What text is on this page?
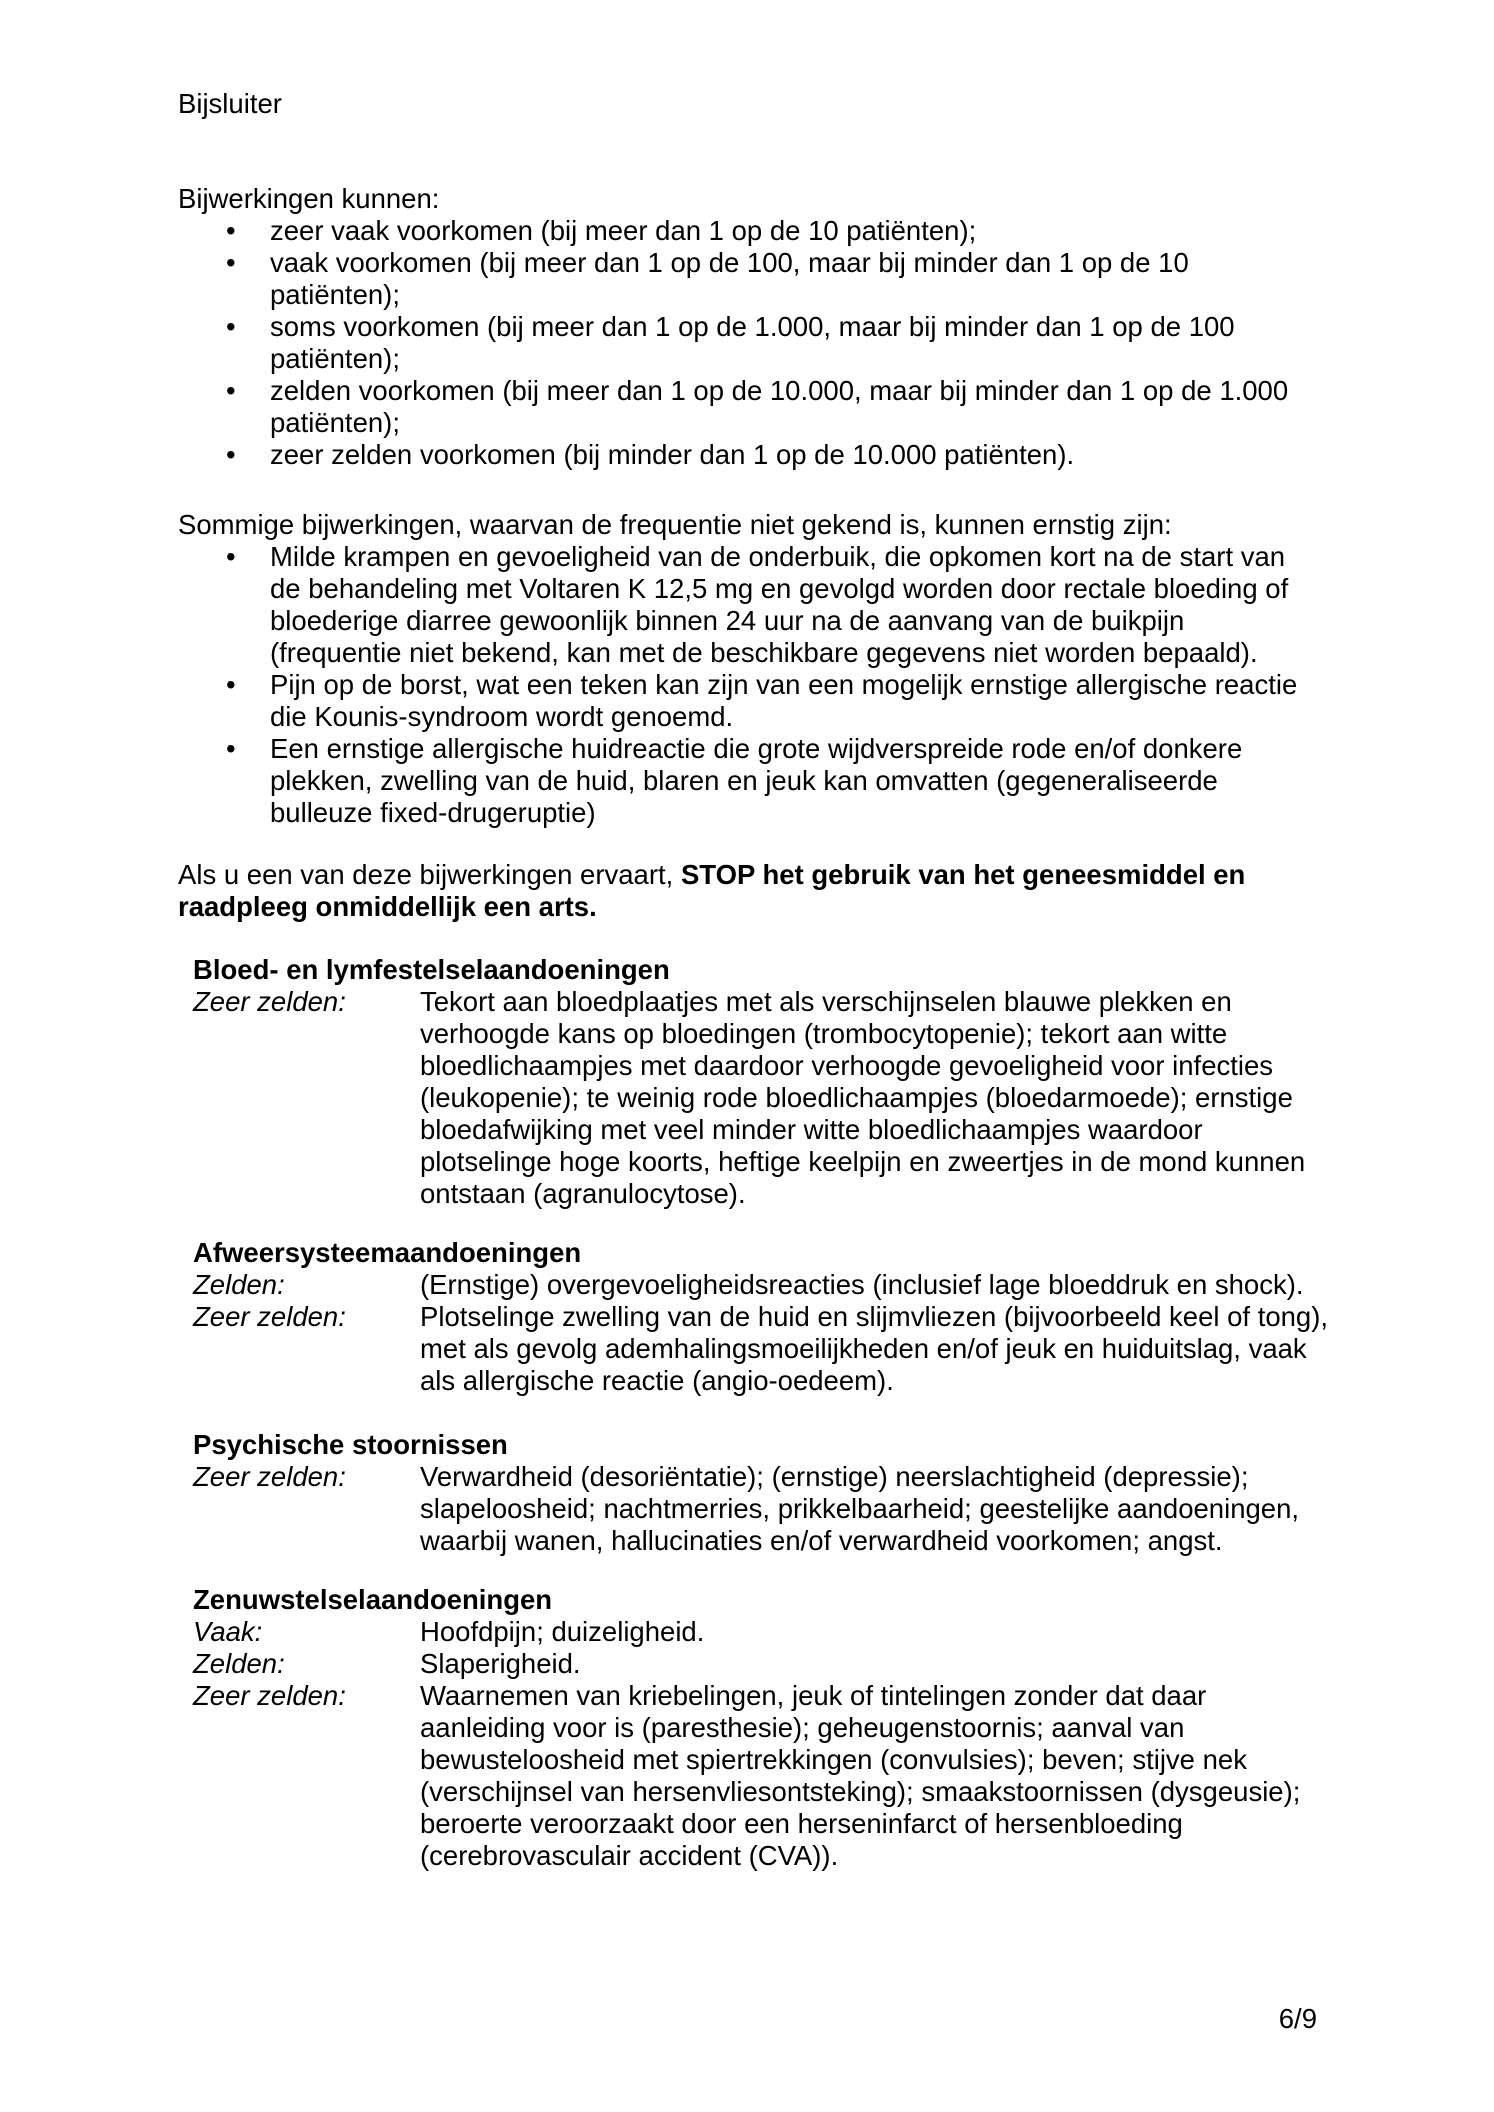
Bijsluiter

Bijwerkingen kunnen:

• zeer vaak voorkomen (bij meer dan 1 op de 10 patiënten);
• vaak voorkomen (bij meer dan 1 op de 100, maar bij minder dan 1 op de 10 patiënten);
• soms voorkomen (bij meer dan 1 op de 1.000, maar bij minder dan 1 op de 100 patiënten);
• zelden voorkomen (bij meer dan 1 op de 10.000, maar bij minder dan 1 op de 1.000 patiënten);
• zeer zelden voorkomen (bij minder dan 1 op de 10.000 patiënten).

Sommige bijwerkingen, waarvan de frequentie niet gekend is, kunnen ernstig zijn:

• Milde krampen en gevoeligheid van de onderbuik, die opkomen kort na de start van de behandeling met Voltaren K 12,5 mg en gevolgd worden door rectale bloeding of bloederige diarree gewoonlijk binnen 24 uur na de aanvang van de buikpijn (frequentie niet bekend, kan met de beschikbare gegevens niet worden bepaald).
• Pijn op de borst, wat een teken kan zijn van een mogelijk ernstige allergische reactie die Kounis-syndroom wordt genoemd.
• Een ernstige allergische huidreactie die grote wijdverspreide rode en/of donkere plekken, zwelling van de huid, blaren en jeuk kan omvatten (gegeneraliseerde bulleuze fixed-drugeruptie)

Als u een van deze bijwerkingen ervaart, STOP het gebruik van het geneesmiddel en raadpleeg onmiddellijk een arts.

Bloed- en lymfestelselaandoeningen
Zeer zelden:	Tekort aan bloedplaatjes met als verschijnselen blauwe plekken en verhoogde kans op bloedingen (trombocytopenie); tekort aan witte bloedlichaampjes met daardoor verhoogde gevoeligheid voor infecties (leukopenie); te weinig rode bloedlichaampjes (bloedarmoede); ernstige bloedafwijking met veel minder witte bloedlichaampjes waardoor plotselinge hoge koorts, heftige keelpijn en zweertjes in de mond kunnen ontstaan (agranulocytose).
Afweersysteemaandoeningen
Zelden:	(Ernstige) overgevoeligheidsreacties (inclusief lage bloeddruk en shock).
Zeer zelden:	Plotselinge zwelling van de huid en slijmvliezen (bijvoorbeeld keel of tong), met als gevolg ademhalingsmoeilijkheden en/of jeuk en huiduitslag, vaak als allergische reactie (angio-oedeem).
Psychische stoornissen
Zeer zelden:	Verwardheid (desoriëntatie); (ernstige) neerslachtigheid (depressie); slapeloosheid; nachtmerries, prikkelbaarheid; geestelijke aandoeningen, waarbij wanen, hallucinaties en/of verwardheid voorkomen; angst.
Zenuwstelselaandoeningen
Vaak:	Hoofdpijn; duizeligheid.
Zelden:	Slaperigheid.
Zeer zelden:	Waarnemen van kriebelingen, jeuk of tintelingen zonder dat daar aanleiding voor is (paresthesie); geheugenstoornis; aanval van bewusteloosheid met spiertrekkingen (convulsies); beven; stijve nek (verschijnsel van hersenvliesontsteking); smaakstoornissen (dysgeusie); beroerte veroorzaakt door een herseninfarct of hersenbloeding (cerebrovasculair accident (CVA)).
6/9
